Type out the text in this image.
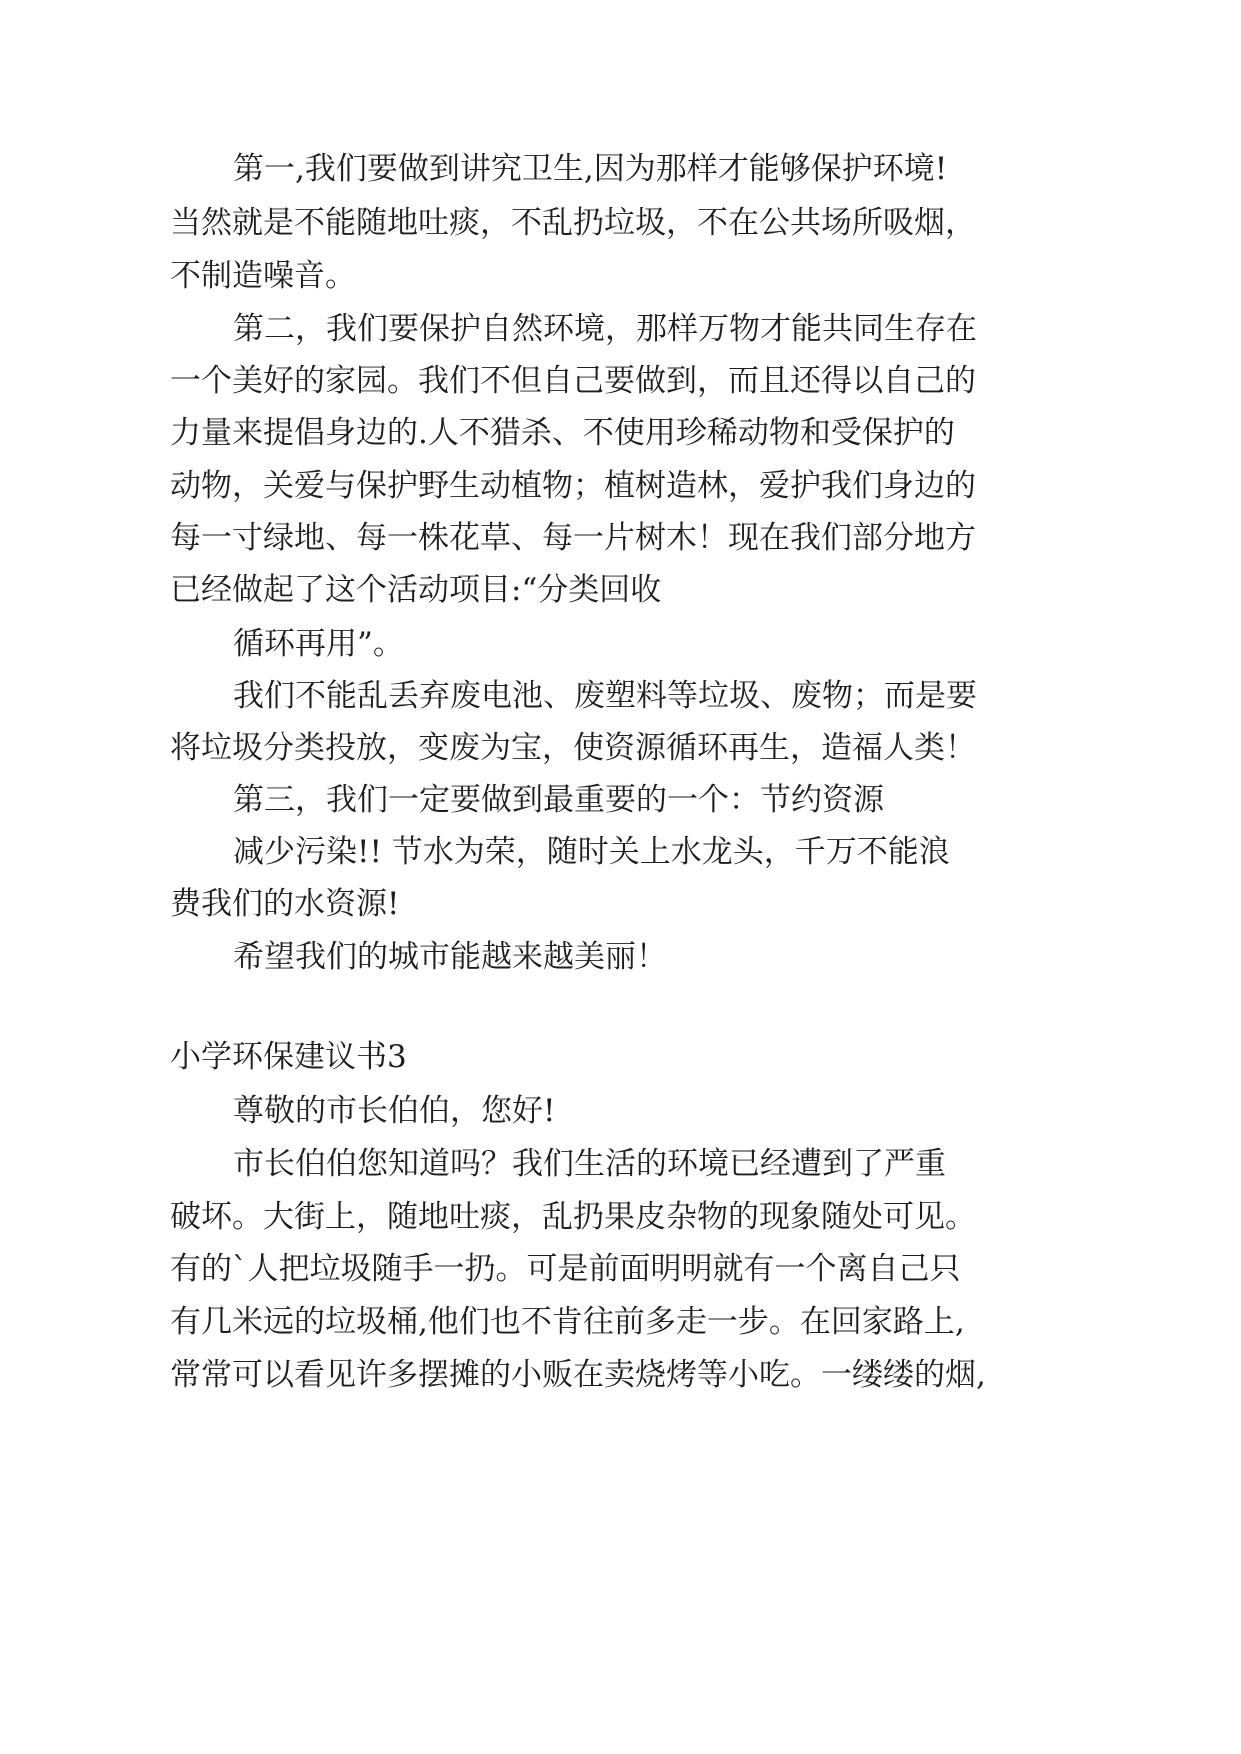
第一,我们要做到讲究卫生,因为那样才能够保护环境!

当然就是不能随地吐痰，不乱扔垃圾，不在公共场所吸烟，

不制造噪音。

第二，我们要保护自然环境，那样万物才能共同生存在

一个美好的家园。我们不但自己要做到，而且还得以自己的

力量来提倡身边的.人不猎杀、不使用珍稀动物和受保护的

动物，关爱与保护野生动植物；植树造林，爱护我们身边的

每一寸绿地、每一株花草、每一片树木！现在我们部分地方

已经做起了这个活动项目:“分类回收

循环再用”。

我们不能乱丢弃废电池、废塑料等垃圾、废物；而是要

将垃圾分类投放，变废为宝，使资源循环再生，造福人类！

第三，我们一定要做到最重要的一个：节约资源

减少污染!! 节水为荣，随时关上水龙头，千万不能浪

费我们的水资源!

希望我们的城市能越来越美丽！

小学环保建议书3

尊敬的市长伯伯，您好!

市长伯伯您知道吗？我们生活的环境已经遭到了严重

破坏。大街上，随地吐痰，乱扔果皮杂物的现象随处可见。

有的`人把垃圾随手一扔。可是前面明明就有一个离自己只

有几米远的垃圾桶,他们也不肯往前多走一步。在回家路上,

常常可以看见许多摆摊的小贩在卖烧烤等小吃。一缕缕的烟,
